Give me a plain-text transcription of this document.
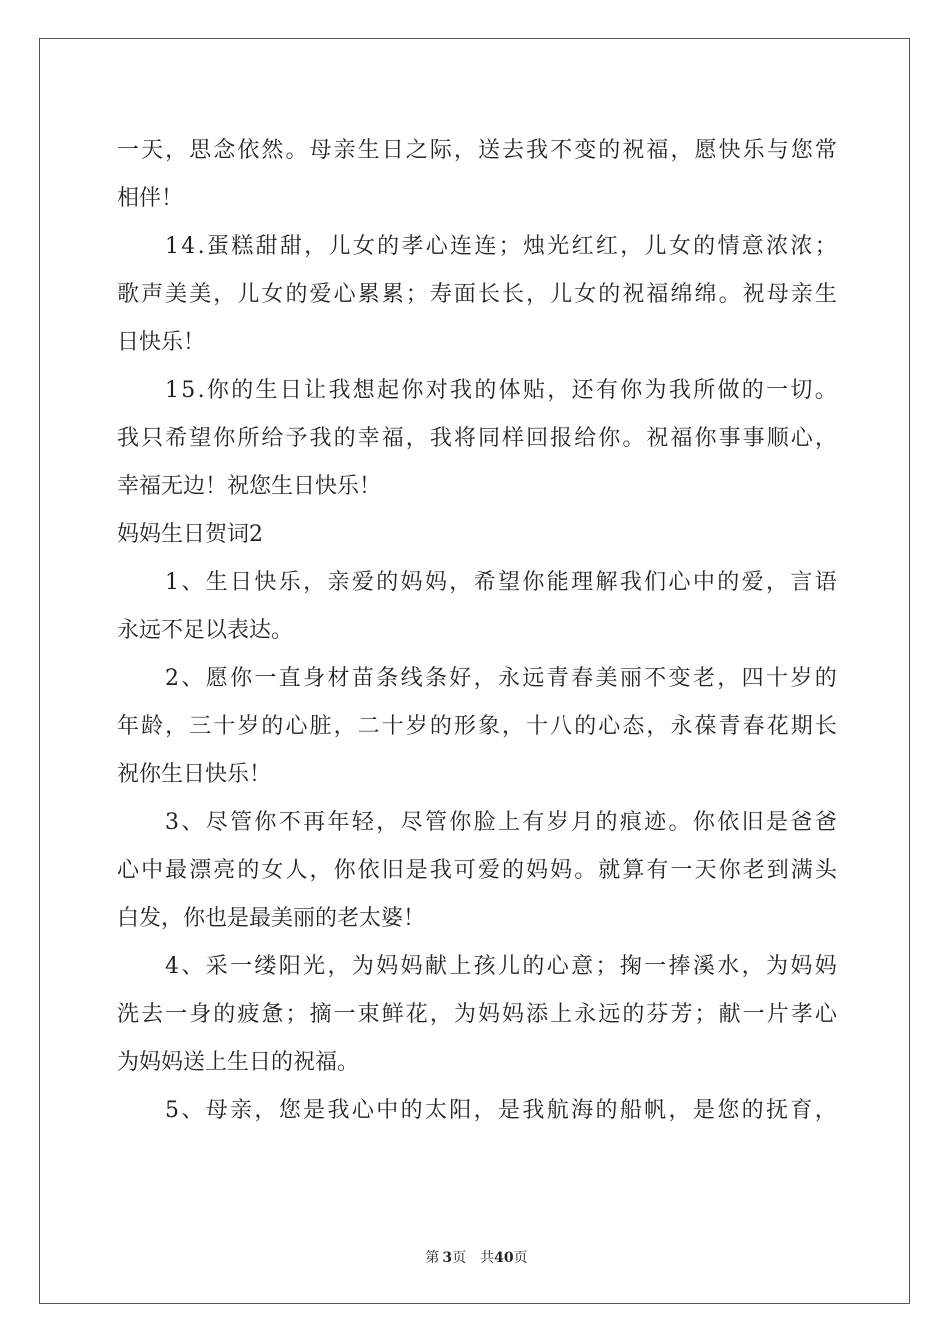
一 天 ， 思 念 依 然 。 母 亲 生 日 之 际 ， 送 去 我 不 变 的 祝 福 ， 愿 快 乐 与 您 常
相伴！
1 4 . 蛋 糕 甜 甜 ， 儿 女 的 孝 心 连 连 ； 烛 光 红 红 ， 儿 女 的 情 意 浓 浓 ；
歌 声 美 美 ， 儿 女 的 爱 心 累 累 ； 寿 面 长 长 ， 儿 女 的 祝 福 绵 绵 。 祝 母 亲 生
日快乐！
1 5 . 你 的 生 日 让 我 想 起 你 对 我 的 体 贴 ， 还 有 你 为 我 所 做 的 一 切 。
我 只 希 望 你 所 给 予 我 的 幸 福 ， 我 将 同 样 回 报 给 你 。 祝 福 你 事 事 顺 心 ，
幸福无边！祝您生日快乐！
妈妈生日贺词2
1 、 生 日 快 乐 ， 亲 爱 的 妈 妈 ， 希 望 你 能 理 解 我 们 心 中 的 爱 ， 言 语
永远不足以表达。
2 、 愿 你 一 直 身 材 苗 条 线 条 好 ， 永 远 青 春 美 丽 不 变 老 ， 四 十 岁 的
年 龄 ， 三 十 岁 的 心 脏 ， 二 十 岁 的 形 象 ， 十 八 的 心 态 ， 永 葆 青 春 花 期 长
祝你生日快乐！
3 、 尽 管 你 不 再 年 轻 ， 尽 管 你 脸 上 有 岁 月 的 痕 迹 。 你 依 旧 是 爸 爸
心 中 最 漂 亮 的 女 人 ， 你 依 旧 是 我 可 爱 的 妈 妈 。 就 算 有 一 天 你 老 到 满 头
白发，你也是最美丽的老太婆！
4 、 采 一 缕 阳 光 ， 为 妈 妈 献 上 孩 儿 的 心 意 ； 掬 一 捧 溪 水 ， 为 妈 妈
洗 去 一 身 的 疲 惫 ； 摘 一 束 鲜 花 ， 为 妈 妈 添 上 永 远 的 芬 芳 ； 献 一 片 孝 心
为妈妈送上生日的祝福。
5 、 母 亲 ， 您 是 我 心 中 的 太 阳 ， 是 我 航 海 的 船 帆 ， 是 您 的 抚 育 ，
第 3页 共40页
